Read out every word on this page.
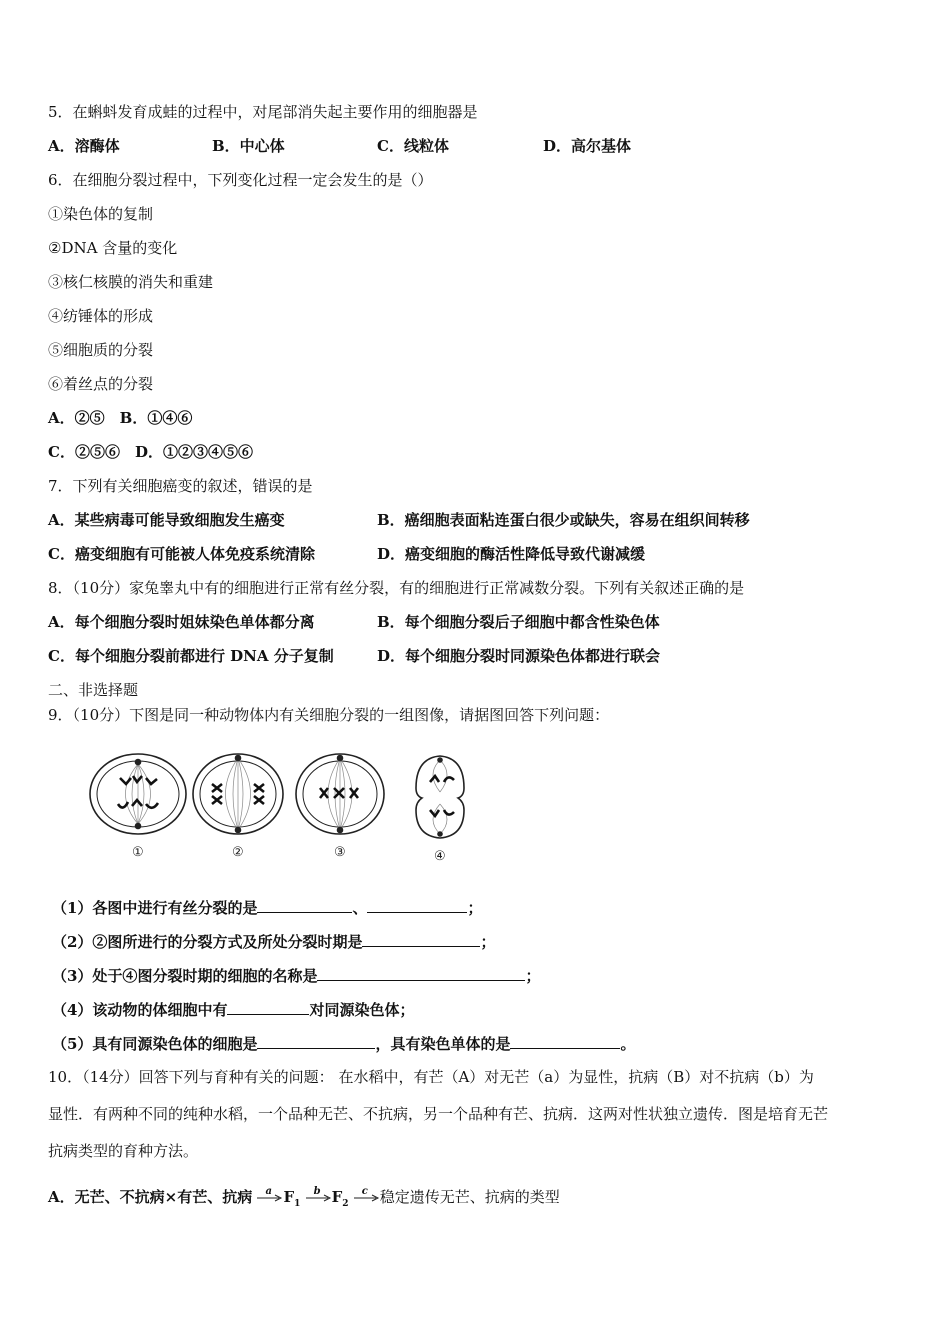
5．在蝌蚪发育成蛙的过程中，对尾部消失起主要作用的细胞器是
A．溶酶体	B．中心体	C．线粒体	D．高尔基体
6．在细胞分裂过程中，下列变化过程一定会发生的是（）
①染色体的复制
②DNA 含量的变化
③核仁核膜的消失和重建
④纺锤体的形成
⑤细胞质的分裂
⑥着丝点的分裂
A．②⑤　B．①④⑥
C．②⑤⑥　D．①②③④⑤⑥
7．下列有关细胞癌变的叙述，错误的是
A．某些病毒可能导致细胞发生癌变	B．癌细胞表面粘连蛋白很少或缺失，容易在组织间转移
C．癌变细胞有可能被人体免疫系统清除	D．癌变细胞的酶活性降低导致代谢减缓
8．（10分）家兔睾丸中有的细胞进行正常有丝分裂，有的细胞进行正常减数分裂。下列有关叙述正确的是
A．每个细胞分裂时姐妹染色单体都分离	B．每个细胞分裂后子细胞中都含性染色体
C．每个细胞分裂前都进行 DNA 分子复制	D．每个细胞分裂时同源染色体都进行联会
二、非选择题
9．（10分）下图是同一种动物体内有关细胞分裂的一组图像，请据图回答下列问题：
①	②	③	④
（1）各图中进行有丝分裂的是	、	；
（2）②图所进行的分裂方式及所处分裂时期是	；
（3）处于④图分裂时期的细胞的名称是	；
（4）该动物的体细胞中有	对同源染色体；
（5）具有同源染色体的细胞是	，具有染色单体的是	。
10．（14分）回答下列与育种有关的问题： 在水稻中，有芒（A）对无芒（a）为显性，抗病（B）对不抗病（b）为
显性．有两种不同的纯种水稻，一个品种无芒、不抗病，另一个品种有芒、抗病．这两对性状独立遗传．图是培育无芒
抗病类型的育种方法。
A．无芒、不抗病×有芒、抗病 a $F_1$
b $F_2$
c 稳定遗传无芒、抗病的类型
